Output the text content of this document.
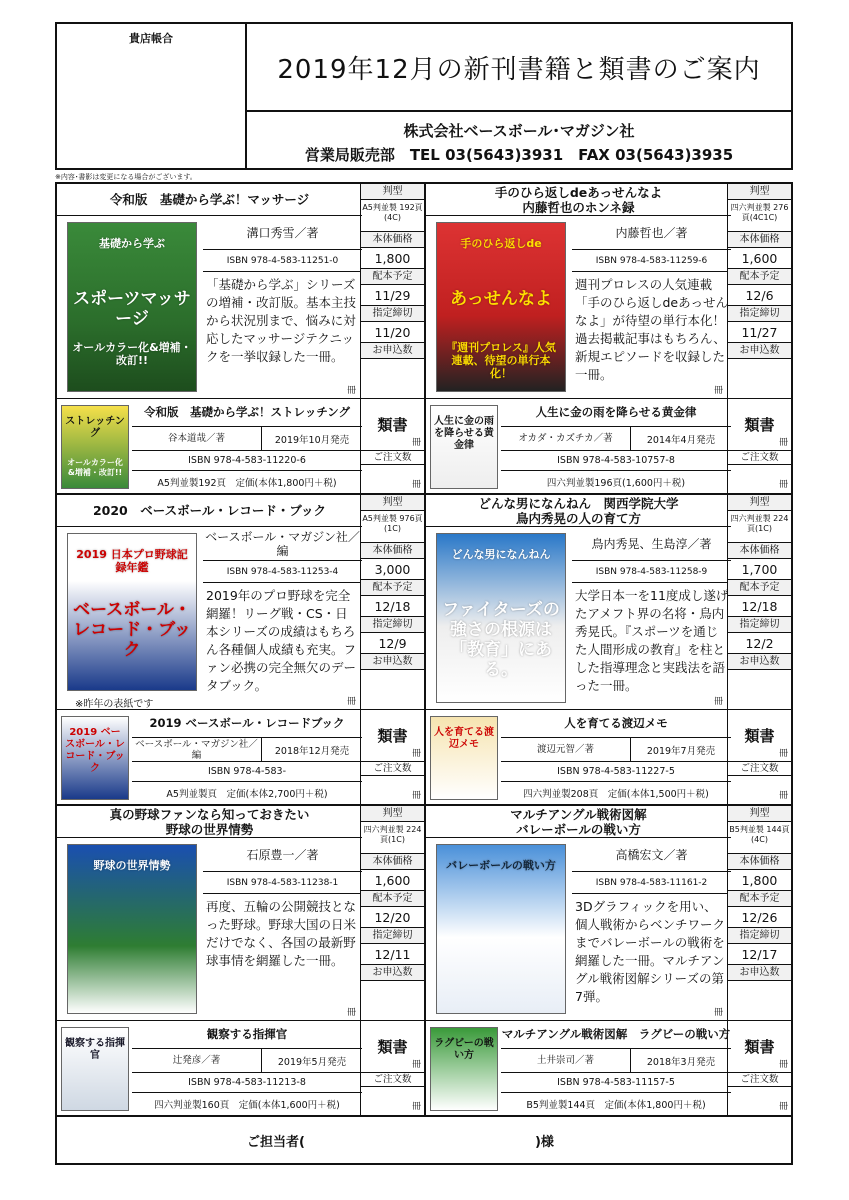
貴店帳合
2019年12月の新刊書籍と類書のご案内
株式会社ベースボール･マガジン社
営業局販売部　TEL 03(5643)3931　FAX 03(5643)3935
※内容･書影は変更になる場合がございます。
令和版　基礎から学ぶ！マッサージ
基礎から学ぶ
スポーツマッサージ
オールカラー化&増補・改訂!!
溝口秀雪／著
ISBN 978-4-583-11251-0
「基礎から学ぶ」シリーズの増補・改訂版。基本主技から状況別まで、悩みに対応したマッサージテクニックを一挙収録した一冊。
冊
判型
A5判並製 192頁(4C)
本体価格
1,800
配本予定
11/29
指定締切
11/20
お申込数
冊
ストレッチング
オールカラー化&増補・改訂!!
令和版　基礎から学ぶ！ストレッチング
谷本道哉／著	2019年10月発売
ISBN 978-4-583-11220-6
A5判並製192頁　定価(本体1,800円＋税)
類書
ご注文数
冊
手のひら返しdeあっせんなよ
内藤哲也のホンネ録
手のひら返しde
あっせんなよ
『週刊プロレス』人気連載、待望の単行本化！
内藤哲也／著
ISBN 978-4-583-11259-6
週刊プロレスの人気連載「手のひら返しdeあっせんなよ」が待望の単行本化！過去掲載記事はもちろん、新規エピソードを収録した一冊。
冊
判型
四六判並製 276頁(4C1C)
本体価格
1,600
配本予定
12/6
指定締切
11/27
お申込数
冊
人生に金の雨を降らせる黄金律
人生に金の雨を降らせる黄金律
オカダ・カズチカ／著	2014年4月発売
ISBN 978-4-583-10757-8
四六判並製196頁(1,600円＋税)
類書
ご注文数
冊
2020　ベースボール・レコード・ブック
2019 日本プロ野球記録年鑑
ベースボール・レコード・ブック
ベースボール・マガジン社／編
ISBN 978-4-583-11253-4
2019年のプロ野球を完全網羅！リーグ戦・CS・日本シリーズの成績はもちろん各種個人成績も充実。ファン必携の完全無欠のデータブック。
冊
判型
A5判並製 976頁(1C)
本体価格
3,000
配本予定
12/18
指定締切
12/9
お申込数
冊
※昨年の表紙です
2019 ベースボール・レコード・ブック
2019 ベースボール・レコードブック
ベースボール・マガジン社／編	2018年12月発売
ISBN 978-4-583-
A5判並製頁　定価(本体2,700円＋税)
類書
ご注文数
冊
どんな男になんねん　関西学院大学
鳥内秀晃の人の育て方
どんな男になんねん
ファイターズの強さの根源は「教育」にある。
鳥内秀晃、生島淳／著
ISBN 978-4-583-11258-9
大学日本一を11度成し遂げたアメフト界の名将・鳥内秀晃氏。『スポーツを通じた人間形成の教育』を柱とした指導理念と実践法を語った一冊。
冊
判型
四六判並製 224頁(1C)
本体価格
1,700
配本予定
12/18
指定締切
12/2
お申込数
冊
人を育てる渡辺メモ
人を育てる渡辺メモ
渡辺元智／著	2019年7月発売
ISBN 978-4-583-11227-5
四六判並製208頁　定価(本体1,500円＋税)
類書
ご注文数
冊
真の野球ファンなら知っておきたい
野球の世界情勢
野球の世界情勢
石原豊一／著
ISBN 978-4-583-11238-1
再度、五輪の公開競技となった野球。野球大国の日米だけでなく、各国の最新野球事情を網羅した一冊。
冊
判型
四六判並製 224頁(1C)
本体価格
1,600
配本予定
12/20
指定締切
12/11
お申込数
冊
観察する指揮官
観察する指揮官
辻発彦／著	2019年5月発売
ISBN 978-4-583-11213-8
四六判並製160頁　定価(本体1,600円＋税)
類書
ご注文数
冊
マルチアングル戦術図解
バレーボールの戦い方
バレーボールの戦い方
高橋宏文／著
ISBN 978-4-583-11161-2
3Dグラフィックを用い、個人戦術からベンチワークまでバレーボールの戦術を網羅した一冊。マルチアングル戦術図解シリーズの第7弾。
冊
判型
B5判並製 144頁(4C)
本体価格
1,800
配本予定
12/26
指定締切
12/17
お申込数
冊
ラグビーの戦い方
マルチアングル戦術図解　ラグビーの戦い方
土井崇司／著	2018年3月発売
ISBN 978-4-583-11157-5
B5判並製144頁　定価(本体1,800円＋税)
類書
ご注文数
冊
ご担当者(	)様
